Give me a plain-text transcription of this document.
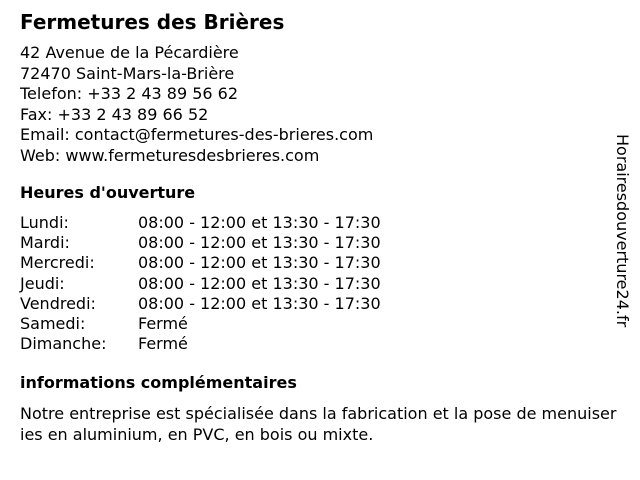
Fermetures des Brières
42 Avenue de la Pécardière
72470 Saint-Mars-la-Brière
Telefon: +33 2 43 89 56 62
Fax: +33 2 43 89 66 52
Email: contact@fermetures-des-brieres.com
Web: www.fermeturesdesbrieres.com
Heures d'ouverture
Lundi:	08:00 - 12:00 et 13:30 - 17:30
Mardi:	08:00 - 12:00 et 13:30 - 17:30
Mercredi:	08:00 - 12:00 et 13:30 - 17:30
Jeudi:	08:00 - 12:00 et 13:30 - 17:30
Vendredi:	08:00 - 12:00 et 13:30 - 17:30
Samedi:	Fermé
Dimanche: Fermé
informations complémentaires
Notre entreprise est spécialisée dans la fabrication et la pose de menuiseries en aluminium, en PVC, en bois ou mixte.
Horairesdouverture24.fr
